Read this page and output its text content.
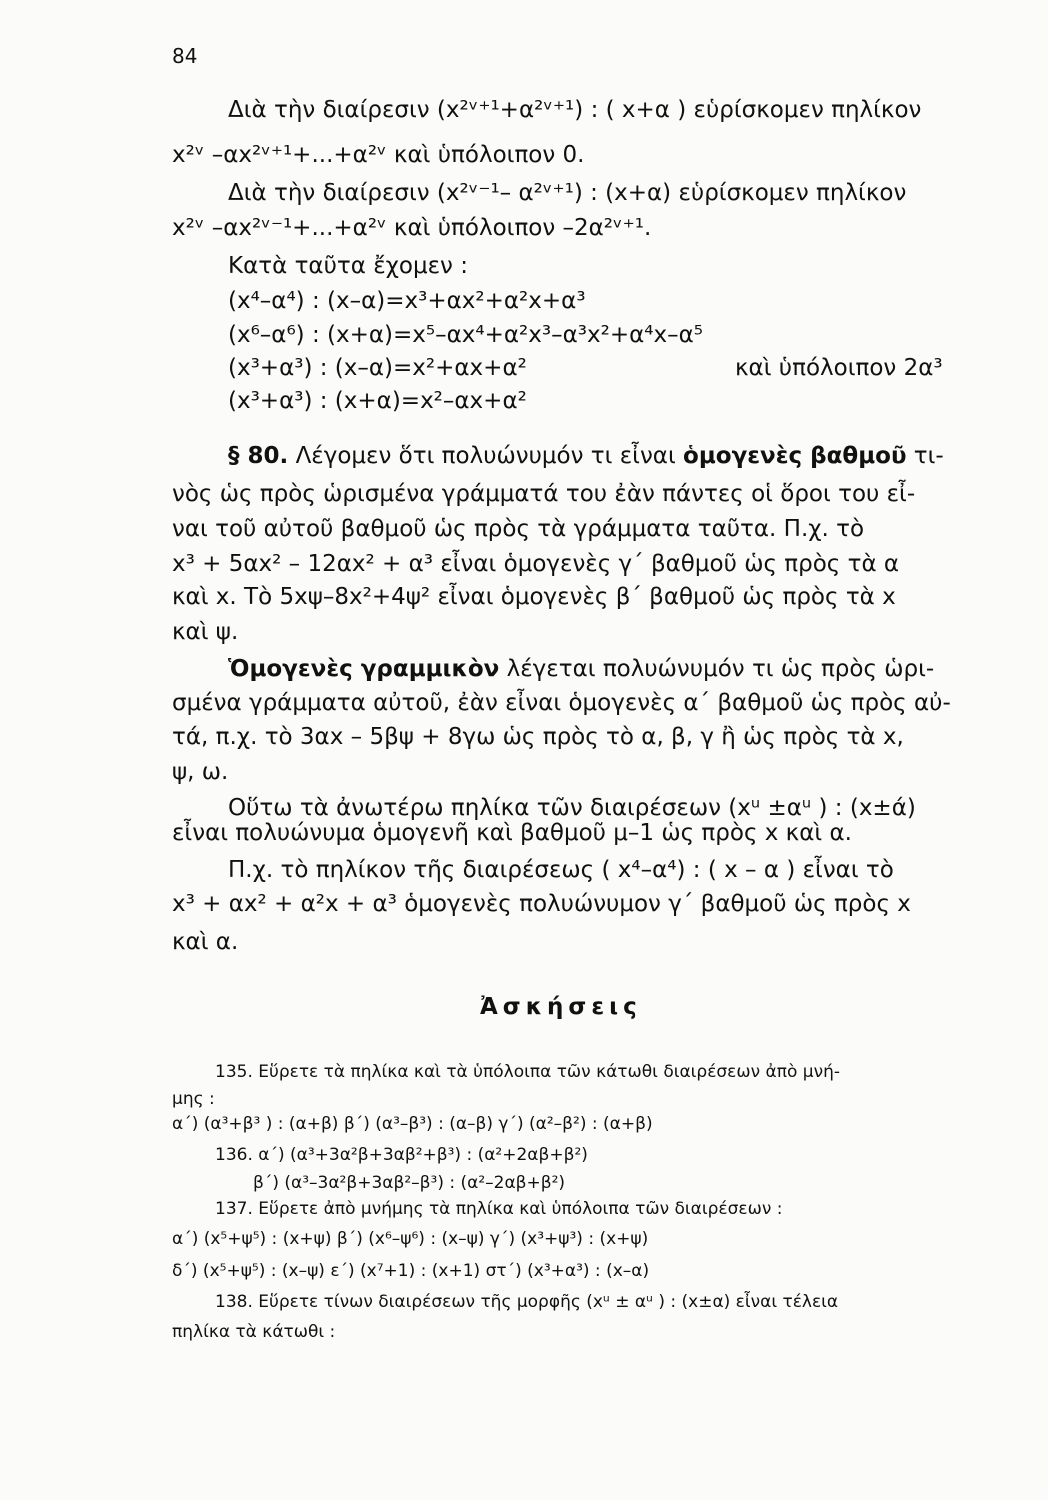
84
Διὰ τὴν διαίρεσιν (x²ᵛ⁺¹+α²ᵛ⁺¹) : ( x+α ) εὑρίσκομεν πηλίκον
x²ᵛ –αx²ᵛ⁺¹+...+α²ᵛ καὶ ὑπόλοιπον 0.
Διὰ τὴν διαίρεσιν (x²ᵛ⁻¹– α²ᵛ⁺¹) : (x+α) εὑρίσκομεν πηλίκον
x²ᵛ –αx²ᵛ⁻¹+...+α²ᵛ καὶ ὑπόλοιπον –2α²ᵛ⁺¹.
Κατὰ ταῦτα ἔχομεν :
(x⁴–α⁴) : (x–α)=x³+αx²+α²x+α³
(x⁶–α⁶) : (x+α)=x⁵–αx⁴+α²x³–α³x²+α⁴x–α⁵
(x³+α³) : (x–α)=x²+αx+α²	καὶ ὑπόλοιπον 2α³
(x³+α³) : (x+α)=x²–αx+α²
§ 80. Λέγομεν ὅτι πολυώνυμόν τι εἶναι ὁμογενὲς βαθμοῦ τι-
νὸς ὡς πρὸς ὡρισμένα γράμματά του ἐὰν πάντες οἱ ὅροι του εἶ-
ναι τοῦ αὐτοῦ βαθμοῦ ὡς πρὸς τὰ γράμματα ταῦτα. Π.χ. τὸ
x³ + 5αx² – 12αx² + α³ εἶναι ὁμογενὲς γ΄ βαθμοῦ ὡς πρὸς τὰ α
καὶ x. Τὸ 5xψ–8x²+4ψ² εἶναι ὁμογενὲς β΄ βαθμοῦ ὡς πρὸς τὰ x
καὶ ψ.
Ὁμογενὲς γραμμικὸν λέγεται πολυώνυμόν τι ὡς πρὸς ὡρι-
σμένα γράμματα αὐτοῦ, ἐὰν εἶναι ὁμογενὲς α΄ βαθμοῦ ὡς πρὸς αὐ-
τά, π.χ. τὸ 3αx – 5βψ + 8γω ὡς πρὸς τὸ α, β, γ ἢ ὡς πρὸς τὰ x,
ψ, ω.
Οὕτω τὰ ἀνωτέρω πηλίκα τῶν διαιρέσεων (xᵘ ±αᵘ ) : (x±ά)
εἶναι πολυώνυμα ὁμογενῆ καὶ βαθμοῦ μ–1 ὡς πρὸς x καὶ α.
Π.χ. τὸ πηλίκον τῆς διαιρέσεως ( x⁴–α⁴) : ( x – α ) εἶναι τὸ
x³ + αx² + α²x + α³ ὁμογενὲς πολυώνυμον γ΄ βαθμοῦ ὡς πρὸς x
καὶ α.
Ἀσκήσεις
135. Εὕρετε τὰ πηλίκα καὶ τὰ ὑπόλοιπα τῶν κάτωθι διαιρέσεων ἀπὸ μνή-
μης :
α΄) (α³+β³ ) : (α+β) β΄) (α³–β³) : (α–β) γ΄) (α²–β²) : (α+β)
136. α΄) (α³+3α²β+3αβ²+β³) : (α²+2αβ+β²)
β΄) (α³–3α²β+3αβ²–β³) : (α²–2αβ+β²)
137. Εὕρετε ἀπὸ μνήμης τὰ πηλίκα καὶ ὑπόλοιπα τῶν διαιρέσεων :
α΄) (x⁵+ψ⁵) : (x+ψ) β΄) (x⁶–ψ⁶) : (x–ψ) γ΄) (x³+ψ³) : (x+ψ)
δ΄) (x⁵+ψ⁵) : (x–ψ) ε΄) (x⁷+1) : (x+1) στ΄) (x³+α³) : (x–α)
138. Εὕρετε τίνων διαιρέσεων τῆς μορφῆς (xᵘ ± αᵘ ) : (x±α) εἶναι τέλεια
πηλίκα τὰ κάτωθι :
